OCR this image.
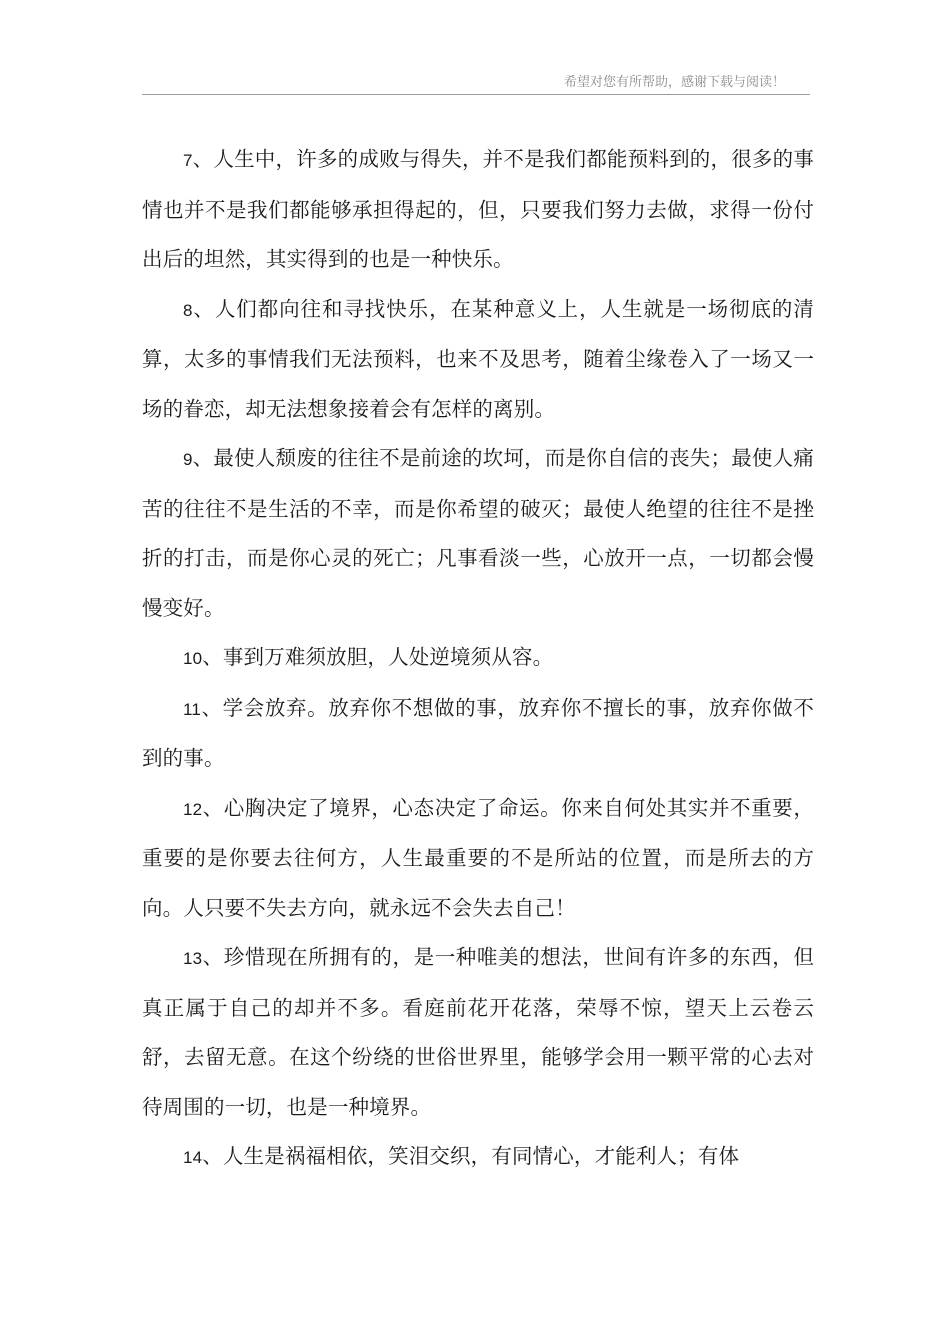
希望对您有所帮助，感谢下载与阅读！

7、人生中，许多的成败与得失，并不是我们都能预料到的，很多的事情也并不是我们都能够承担得起的，但，只要我们努力去做，求得一份付出后的坦然，其实得到的也是一种快乐。

8、人们都向往和寻找快乐，在某种意义上，人生就是一场彻底的清算，太多的事情我们无法预料，也来不及思考，随着尘缘卷入了一场又一场的眷恋，却无法想象接着会有怎样的离别。

9、最使人颓废的往往不是前途的坎坷，而是你自信的丧失；最使人痛苦的往往不是生活的不幸，而是你希望的破灭；最使人绝望的往往不是挫折的打击，而是你心灵的死亡；凡事看淡一些，心放开一点，一切都会慢慢变好。

10、事到万难须放胆，人处逆境须从容。

11、学会放弃。放弃你不想做的事，放弃你不擅长的事，放弃你做不到的事。

12、心胸决定了境界，心态决定了命运。你来自何处其实并不重要，重要的是你要去往何方，人生最重要的不是所站的位置，而是所去的方向。人只要不失去方向，就永远不会失去自己！

13、珍惜现在所拥有的，是一种唯美的想法，世间有许多的东西，但真正属于自己的却并不多。看庭前花开花落，荣辱不惊，望天上云卷云舒，去留无意。在这个纷绕的世俗世界里，能够学会用一颗平常的心去对待周围的一切，也是一种境界。

14、人生是祸福相依，笑泪交织，有同情心，才能利人；有体
